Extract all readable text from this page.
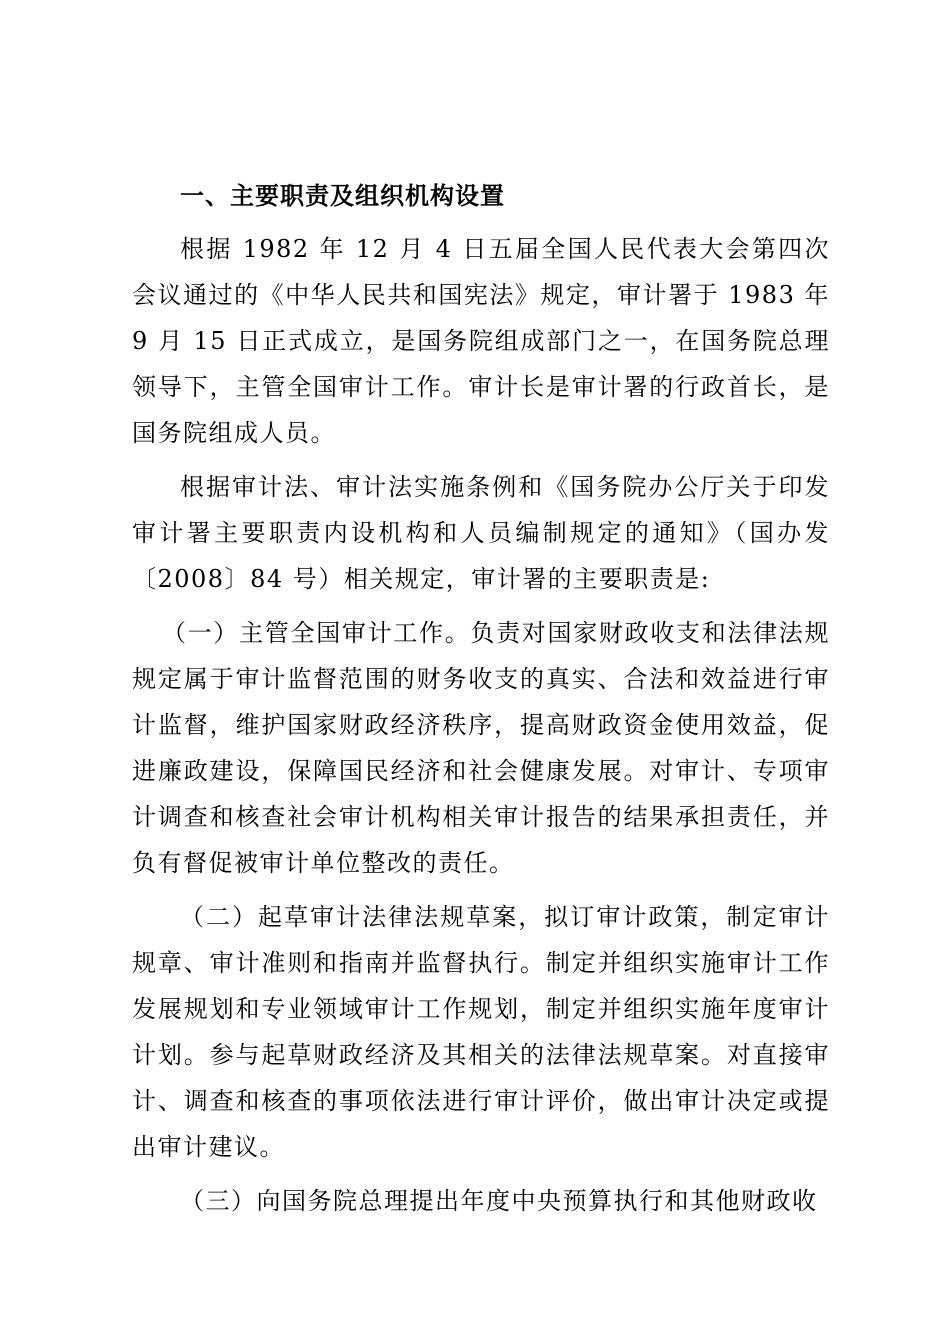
一、主要职责及组织机构设置

根据 1982 年 12 月 4 日五届全国人民代表大会第四次会议通过的《中华人民共和国宪法》规定，审计署于 1983 年 9 月 15 日正式成立，是国务院组成部门之一，在国务院总理领导下，主管全国审计工作。审计长是审计署的行政首长，是国务院组成人员。

根据审计法、审计法实施条例和《国务院办公厅关于印发审计署主要职责内设机构和人员编制规定的通知》（国办发〔2008〕84 号）相关规定，审计署的主要职责是:

（一）主管全国审计工作。负责对国家财政收支和法律法规规定属于审计监督范围的财务收支的真实、合法和效益进行审计监督，维护国家财政经济秩序，提高财政资金使用效益，促进廉政建设，保障国民经济和社会健康发展。对审计、专项审计调查和核查社会审计机构相关审计报告的结果承担责任，并负有督促被审计单位整改的责任。

（二）起草审计法律法规草案，拟订审计政策，制定审计规章、审计准则和指南并监督执行。制定并组织实施审计工作发展规划和专业领域审计工作规划，制定并组织实施年度审计计划。参与起草财政经济及其相关的法律法规草案。对直接审计、调查和核查的事项依法进行审计评价，做出审计决定或提出审计建议。

（三）向国务院总理提出年度中央预算执行和其他财政收
